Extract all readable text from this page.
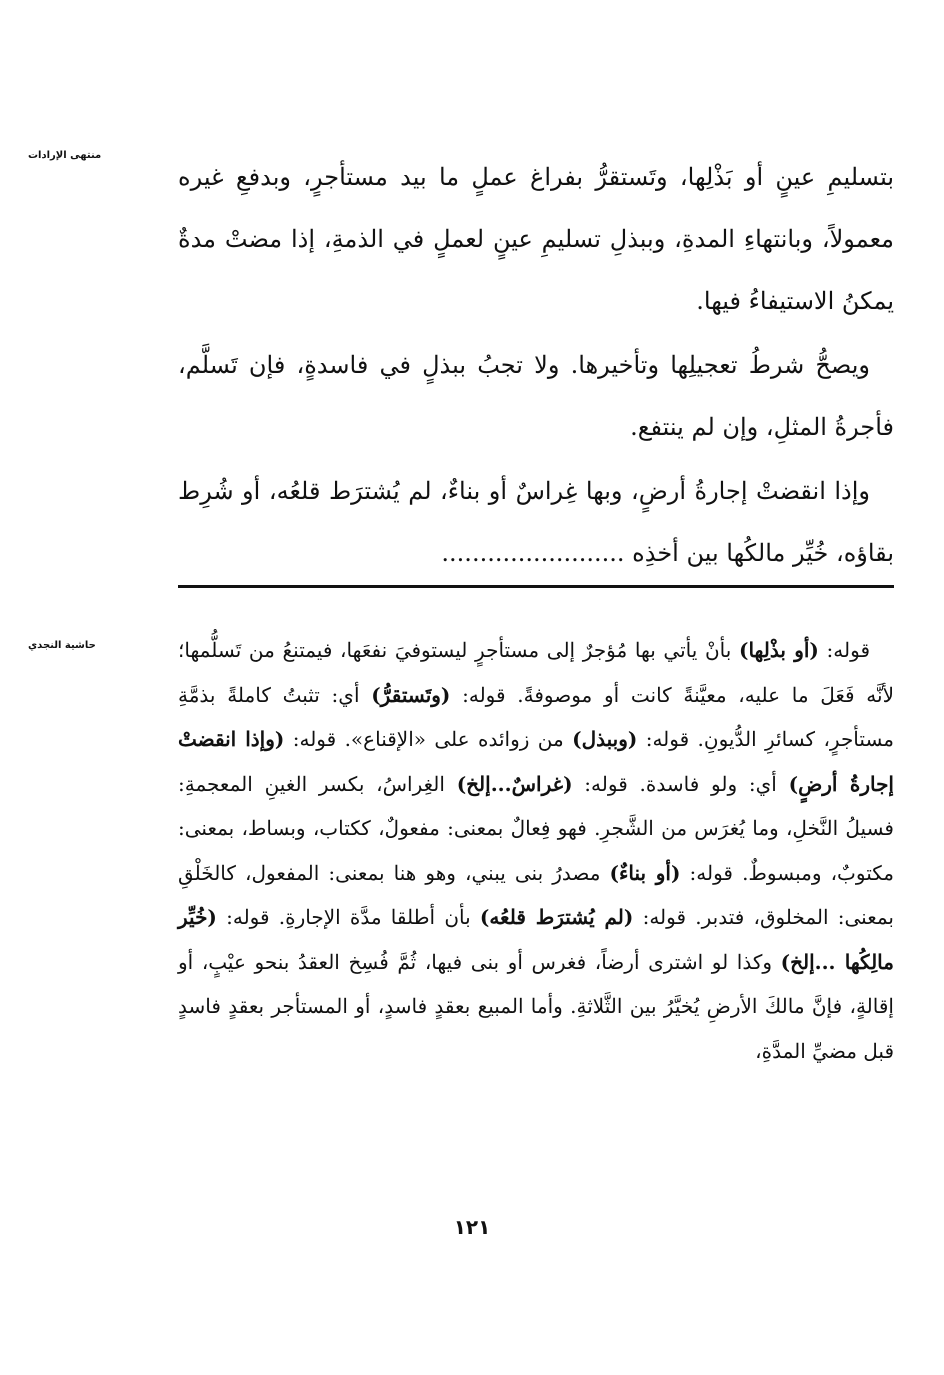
منتهى الإرادات
حاشية النجدي

بتسليمِ عينٍ أو بَذْلِها، وتَستقرُّ بفراغ عملٍ ما بيد مستأجرٍ، وبدفعِ غيره معمولاً، وبانتهاءِ المدةِ، وببذلِ تسليمِ عينٍ لعملٍ في الذمةِ، إذا مضتْ مدةٌ يمكنُ الاستيفاءُ فيها.

ويصحُّ شرطُ تعجيلِها وتأخيرها. ولا تجبُ ببذلٍ في فاسدةٍ، فإن تَسلَّم، فأجرةُ المثلِ، وإن لم ينتفع.

وإذا انقضتْ إجارةُ أرضٍ، وبها غِراسٌ أو بناءٌ، لم يُشترَط قلعُه، أو شُرِط بقاؤه، خُيِّر مالكُها بين أخذِه ........................

قوله: (أو بذْلِها) بأنْ يأتي بها مُؤجرٌ إلى مستأجرٍ ليستوفيَ نفعَها، فيمتنعُ من تَسلُّمها؛ لأنَّه فَعَلَ ما عليه، معيَّنةً كانت أو موصوفةً. قوله: (وتَستقرُّ) أي: تثبتُ كاملةً بذمَّةِ مستأجرٍ، كسائرِ الدُّيونِ. قوله: (وببذل) من زوائده على «الإقناع». قوله: (وإذا انقضتْ إجارةُ أرضٍ) أي: ولو فاسدة. قوله: (غراسٌ...إلخ) الغِراسُ، بكسر الغينِ المعجمةِ: فسيلُ النَّخلِ، وما يُغرَس من الشَّجرِ. فهو فِعالٌ بمعنى: مفعولٌ، ككتاب، وبساط، بمعنى: مكتوبٌ، ومبسوطٌ. قوله: (أو بناءٌ) مصدرُ بنى يبني، وهو هنا بمعنى: المفعول، كالخَلْقِ بمعنى: المخلوق، فتدبر. قوله: (لم يُشترَط قلعُه) بأن أطلقا مدَّة الإجارةِ. قوله: (خُيِّر مالِكُها ...إلخ) وكذا لو اشترى أرضاً، فغرس أو بنى فيها، ثُمَّ فُسِخ العقدُ بنحو عيْبٍ، أو إقالةٍ، فإنَّ مالكَ الأرضِ يُخيَّرُ بين الثَّلاثةِ. وأما المبيع بعقدٍ فاسدٍ، أو المستأجر بعقدٍ فاسدٍ قبل مضيِّ المدَّةِ،

١٢١
